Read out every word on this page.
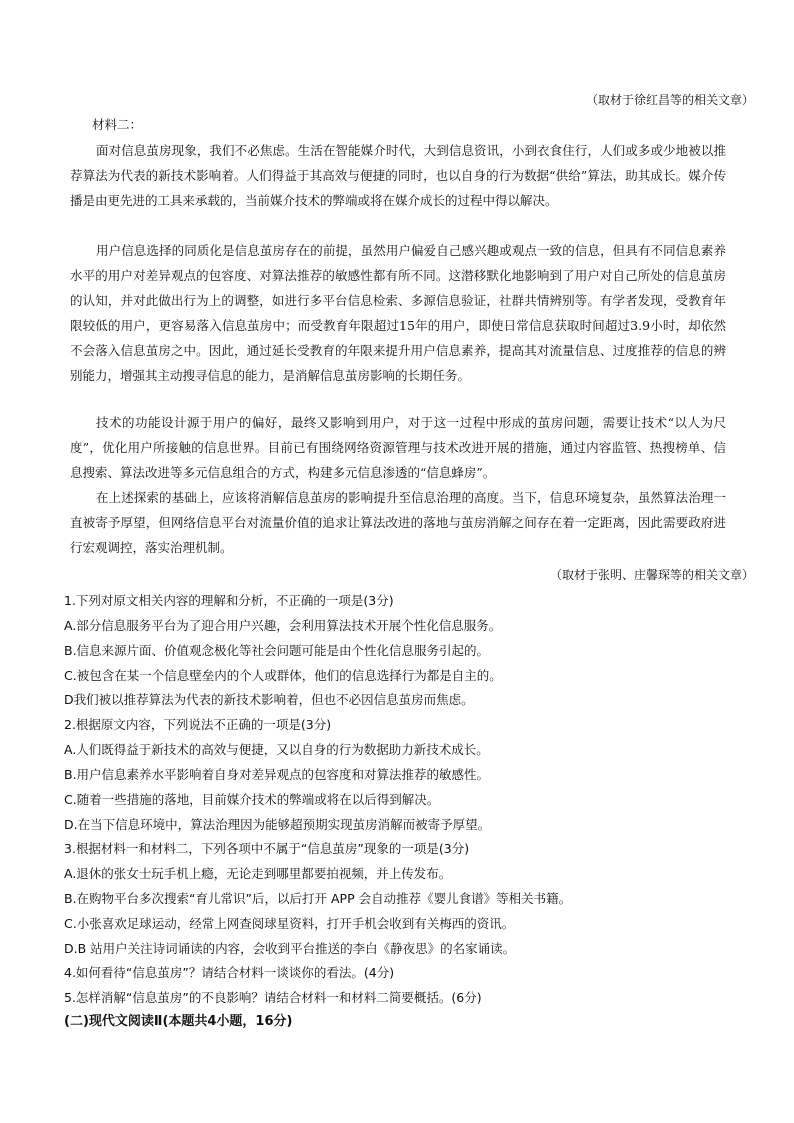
（取材于徐红昌等的相关文章）
材料二：
面对信息茧房现象，我们不必焦虑。生活在智能媒介时代，大到信息资讯，小到衣食住行，人们或多或少地被以推荐算法为代表的新技术影响着。人们得益于其高效与便捷的同时，也以自身的行为数据“供给”算法，助其成长。媒介传播是由更先进的工具来承载的，当前媒介技术的弊端或将在媒介成长的过程中得以解决。
用户信息选择的同质化是信息茧房存在的前提，虽然用户偏爱自己感兴趣或观点一致的信息，但具有不同信息素养水平的用户对差异观点的包容度、对算法推荐的敏感性都有所不同。这潜移默化地影响到了用户对自己所处的信息茧房的认知，并对此做出行为上的调整，如进行多平台信息检索、多源信息验证，社群共情辨别等。有学者发现，受教育年限较低的用户，更容易落入信息茧房中；而受教育年限超过15年的用户，即使日常信息获取时间超过3.9小时，却依然不会落入信息茧房之中。因此，通过延长受教育的年限来提升用户信息素养，提高其对流量信息、过度推荐的信息的辨别能力，增强其主动搜寻信息的能力，是消解信息茧房影响的长期任务。
技术的功能设计源于用户的偏好，最终又影响到用户，对于这一过程中形成的茧房问题，需要让技术“以人为尺度”，优化用户所接触的信息世界。目前已有围绕网络资源管理与技术改进开展的措施，通过内容监管、热搜榜单、信息搜索、算法改进等多元信息组合的方式，构建多元信息渗透的“信息蜂房”。
在上述探索的基础上，应该将消解信息茧房的影响提升至信息治理的高度。当下，信息环境复杂，虽然算法治理一直被寄予厚望，但网络信息平台对流量价值的追求让算法改进的落地与茧房消解之间存在着一定距离，因此需要政府进行宏观调控，落实治理机制。
（取材于张明、庄馨琛等的相关文章）
1.下列对原文相关内容的理解和分析，不正确的一项是(3分)
A.部分信息服务平台为了迎合用户兴趣，会利用算法技术开展个性化信息服务。
B.信息来源片面、价值观念极化等社会问题可能是由个性化信息服务引起的。
C.被包含在某一个信息壁垒内的个人或群体，他们的信息选择行为都是自主的。
D我们被以推荐算法为代表的新技术影响着，但也不必因信息茧房而焦虑。
2.根据原文内容，下列说法不正确的一项是(3分)
A.人们既得益于新技术的高效与便捷，又以自身的行为数据助力新技术成长。
B.用户信息素养水平影响着自身对差异观点的包容度和对算法推荐的敏感性。
C.随着一些措施的落地，目前媒介技术的弊端或将在以后得到解决。
D.在当下信息环境中，算法治理因为能够超预期实现茧房消解而被寄予厚望。
3.根据材料一和材料二，下列各项中不属于“信息茧房”现象的一项是(3分)
A.退休的张女士玩手机上瘾，无论走到哪里都要拍视频，并上传发布。
B.在购物平台多次搜索“育儿常识”后，以后打开 APP 会自动推荐《婴儿食谱》等相关书籍。
C.小张喜欢足球运动，经常上网查阅球星资料，打开手机会收到有关梅西的资讯。
D.B 站用户关注诗词诵读的内容，会收到平台推送的李白《静夜思》的名家诵读。
4.如何看待“信息茧房”？请结合材料一谈谈你的看法。(4分)
5.怎样消解“信息茧房”的不良影响？请结合材料一和材料二简要概括。(6分)
(二)现代文阅读Ⅱ(本题共4小题，16分)
